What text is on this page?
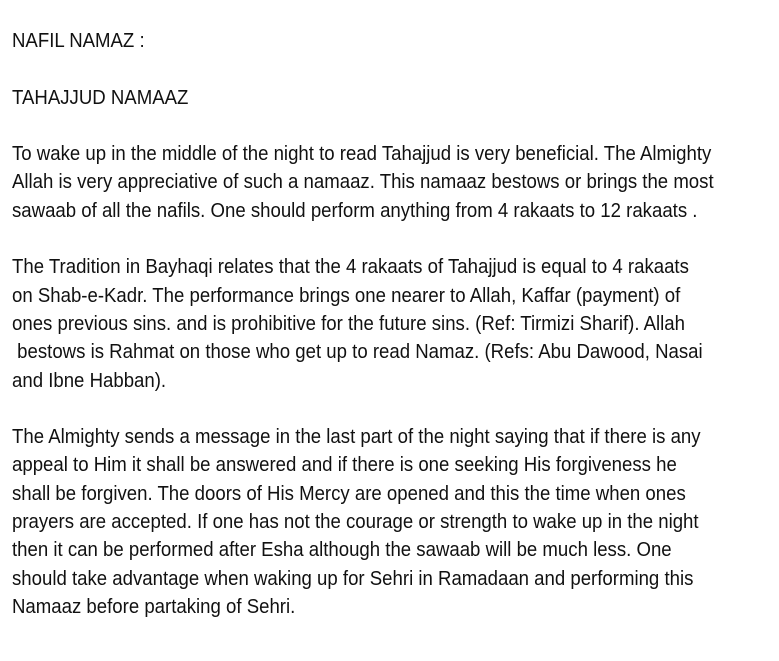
NAFIL NAMAZ :
TAHAJJUD NAMAAZ
To wake up in the middle of the night to read Tahajjud is very beneficial. The Almighty
Allah is very appreciative of such a namaaz. This namaaz bestows or brings the most
sawaab of all the nafils. One should perform anything from 4 rakaats to 12 rakaats .
The Tradition in Bayhaqi relates that the 4 rakaats of Tahajjud is equal to 4 rakaats
on Shab-e-Kadr. The performance brings one nearer to Allah, Kaffar (payment) of
ones previous sins. and is prohibitive for the future sins. (Ref: Tirmizi Sharif). Allah
bestows is Rahmat on those who get up to read Namaz. (Refs: Abu Dawood, Nasai
and Ibne Habban).
The Almighty sends a message in the last part of the night saying that if there is any
appeal to Him it shall be answered and if there is one seeking His forgiveness he
shall be forgiven. The doors of His Mercy are opened and this the time when ones
prayers are accepted. If one has not the courage or strength to wake up in the night
then it can be performed after Esha although the sawaab will be much less. One
should take advantage when waking up for Sehri in Ramadaan and performing this
Namaaz before partaking of Sehri.
